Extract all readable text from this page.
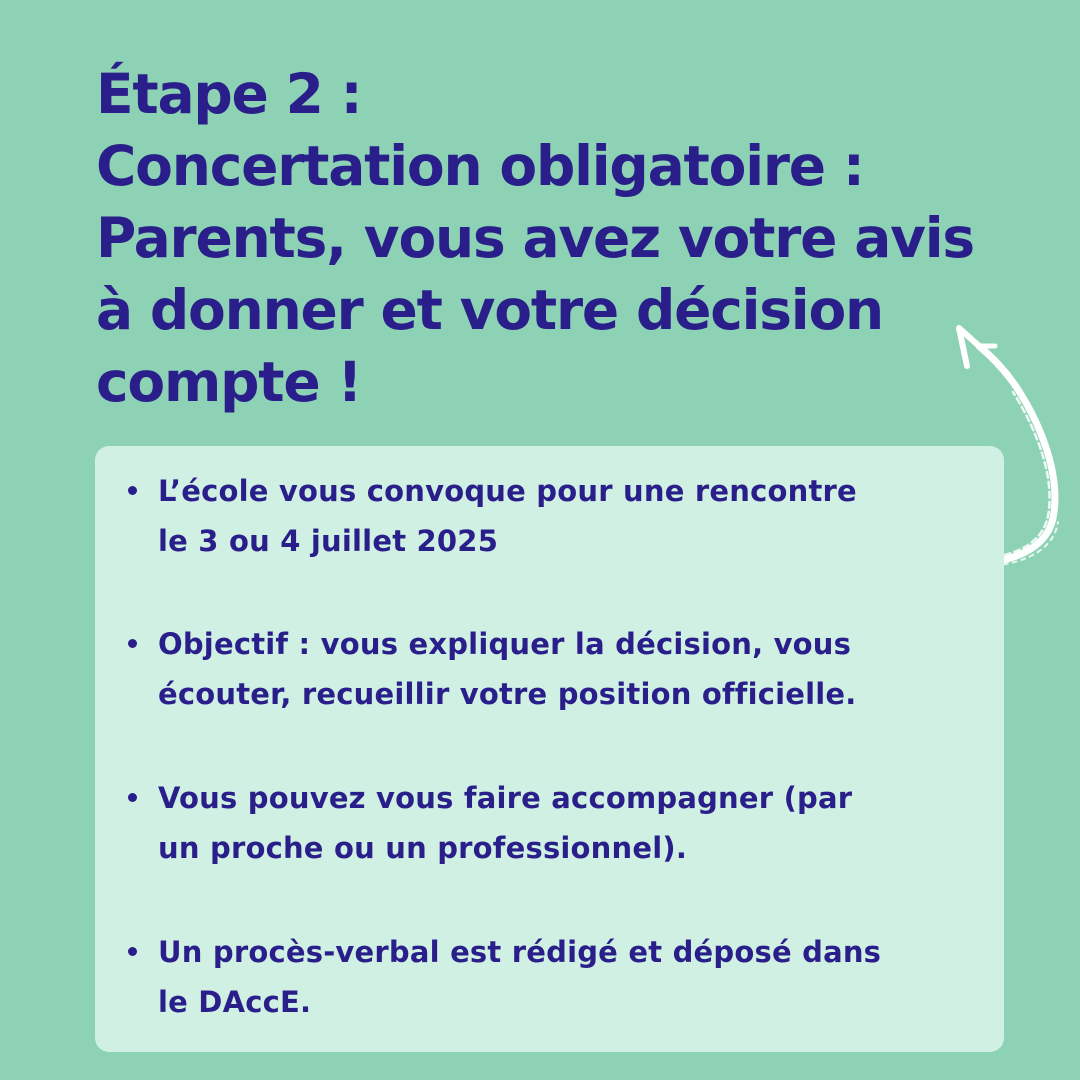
Étape 2 :
Concertation obligatoire :
Parents, vous avez votre avis
à donner et votre décision
compte !
L’école vous convoque pour une rencontre
le 3 ou 4 juillet 2025
Objectif : vous expliquer la décision, vous
écouter, recueillir votre position officielle.
Vous pouvez vous faire accompagner (par
un proche ou un professionnel).
Un procès-verbal est rédigé et déposé dans
le DAccE.
